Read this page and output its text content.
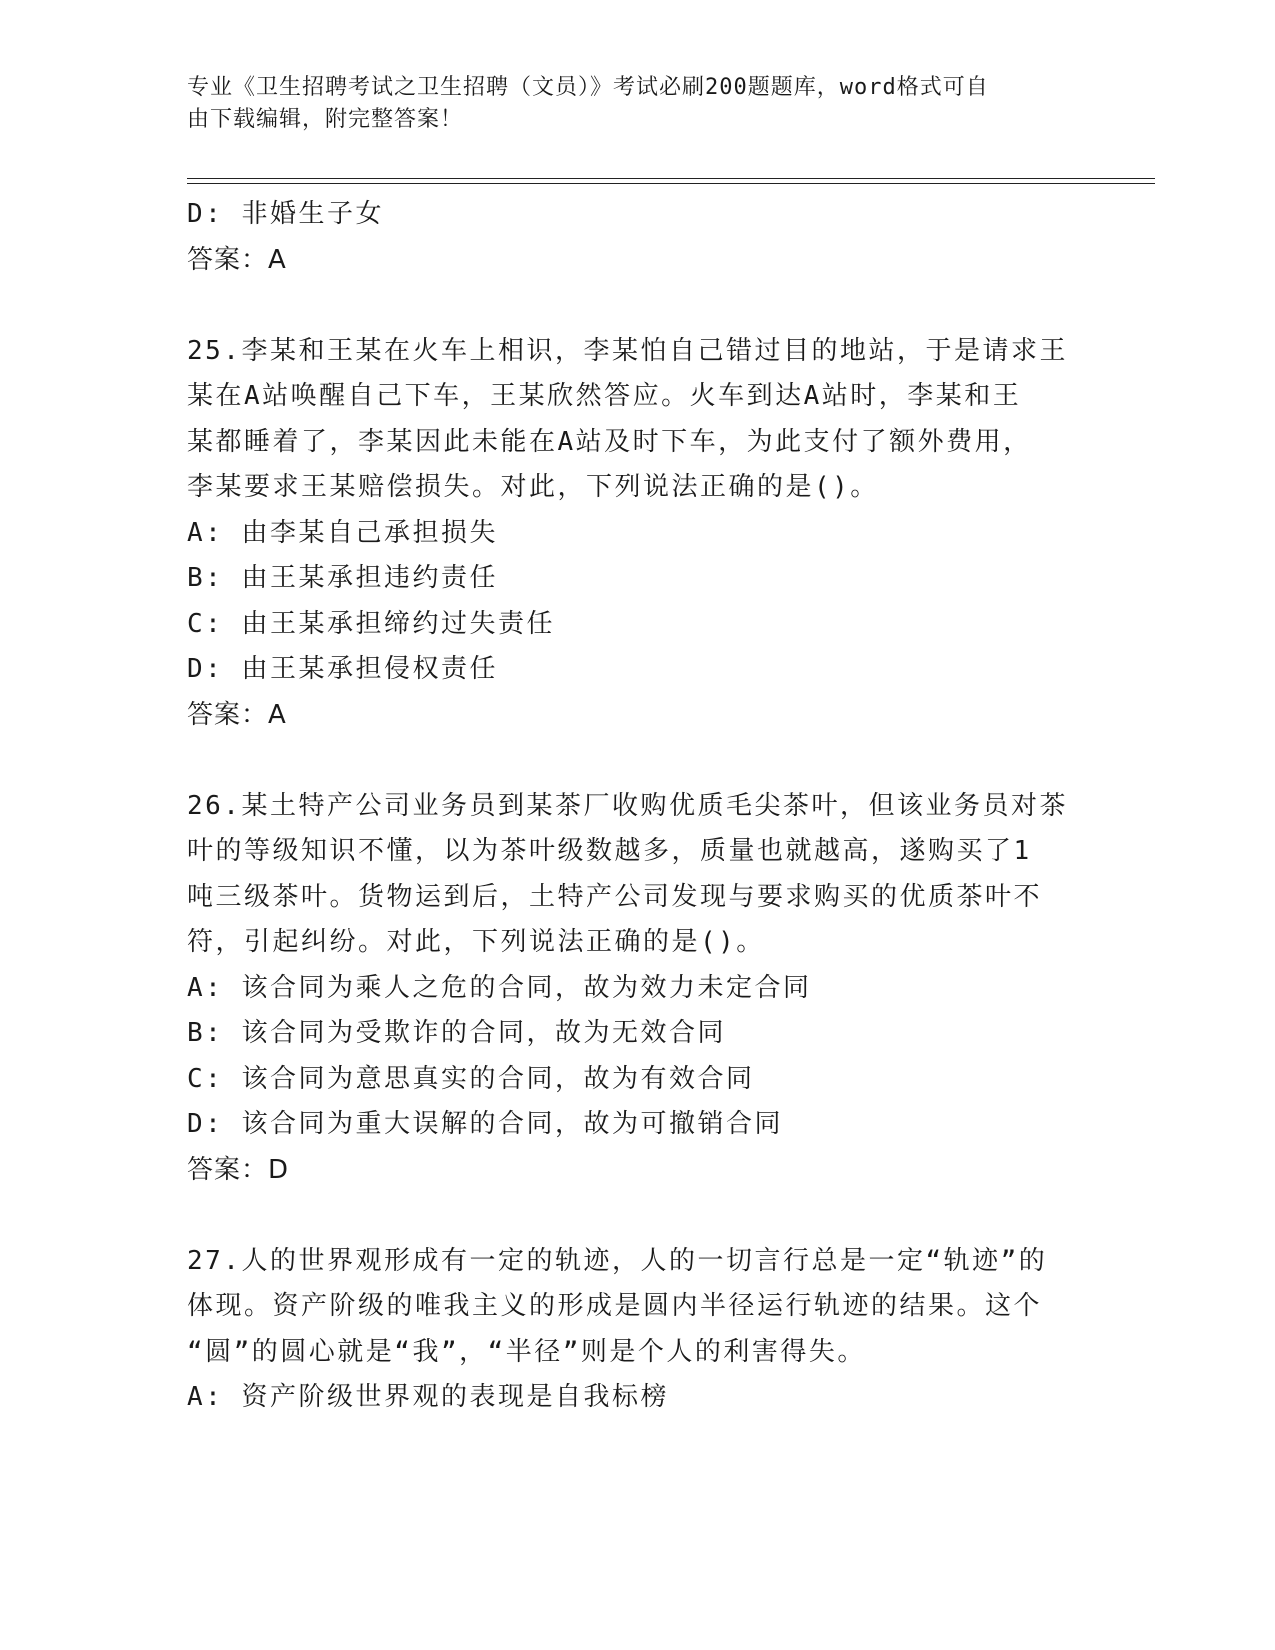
专业《卫生招聘考试之卫生招聘（文员）》考试必刷200题题库，word格式可自
由下载编辑，附完整答案！
D: 非婚生子女
答案：A
25.李某和王某在火车上相识，李某怕自己错过目的地站，于是请求王
某在A站唤醒自己下车，王某欣然答应。火车到达A站时，李某和王
某都睡着了，李某因此未能在A站及时下车，为此支付了额外费用，
李某要求王某赔偿损失。对此，下列说法正确的是()。
A: 由李某自己承担损失
B: 由王某承担违约责任
C: 由王某承担缔约过失责任
D: 由王某承担侵权责任
答案：A
26.某土特产公司业务员到某茶厂收购优质毛尖茶叶，但该业务员对茶
叶的等级知识不懂，以为茶叶级数越多，质量也就越高，遂购买了1
吨三级茶叶。货物运到后，土特产公司发现与要求购买的优质茶叶不
符，引起纠纷。对此，下列说法正确的是()。
A: 该合同为乘人之危的合同，故为效力未定合同
B: 该合同为受欺诈的合同，故为无效合同
C: 该合同为意思真实的合同，故为有效合同
D: 该合同为重大误解的合同，故为可撤销合同
答案：D
27.人的世界观形成有一定的轨迹，人的一切言行总是一定“轨迹”的
体现。资产阶级的唯我主义的形成是圆内半径运行轨迹的结果。这个
“圆”的圆心就是“我”，“半径”则是个人的利害得失。
A: 资产阶级世界观的表现是自我标榜
